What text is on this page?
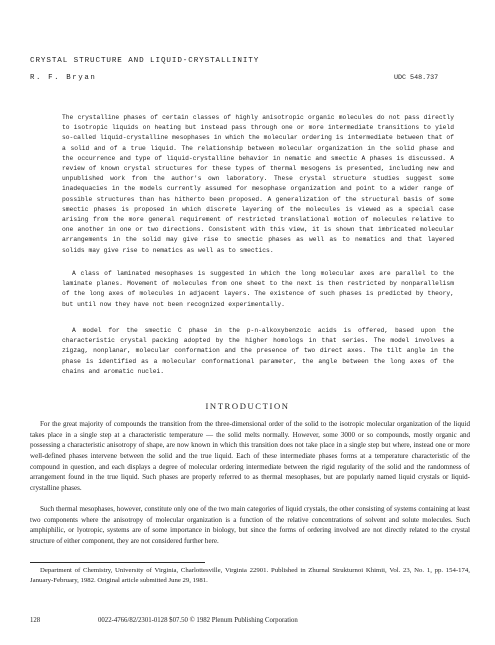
CRYSTAL STRUCTURE AND LIQUID-CRYSTALLINITY
R. F. Bryan	UDC 548.737

The crystalline phases of certain classes of highly anisotropic organic molecules do not pass directly to isotropic liquids on heating but instead pass through one or more intermediate transitions to yield so-called liquid-crystalline mesophases in which the molecular ordering is intermediate between that of a solid and of a true liquid. The relationship between molecular organization in the solid phase and the occurrence and type of liquid-crystalline behavior in nematic and smectic A phases is discussed. A review of known crystal structures for these types of thermal mesogens is presented, including new and unpublished work from the author's own laboratory. These crystal structure studies suggest some inadequacies in the models currently assumed for mesophase organization and point to a wider range of possible structures than has hitherto been proposed. A generalization of the structural basis of some smectic phases is proposed in which discrete layering of the molecules is viewed as a special case arising from the more general requirement of restricted translational motion of molecules relative to one another in one or two directions. Consistent with this view, it is shown that imbricated molecular arrangements in the solid may give rise to smectic phases as well as to nematics and that layered solids may give rise to nematics as well as to smectics.

A class of laminated mesophases is suggested in which the long molecular axes are parallel to the laminate planes. Movement of molecules from one sheet to the next is then restricted by nonparallelism of the long axes of molecules in adjacent layers. The existence of such phases is predicted by theory, but until now they have not been recognized experimentally.

A model for the smectic C phase in the p-n-alkoxybenzoic acids is offered, based upon the characteristic crystal packing adopted by the higher homologs in that series. The model involves a zigzag, nonplanar, molecular conformation and the presence of two direct axes. The tilt angle in the phase is identified as a molecular conformational parameter, the angle between the long axes of the chains and aromatic nuclei.

INTRODUCTION

For the great majority of compounds the transition from the three-dimensional order of the solid to the isotropic molecular organization of the liquid takes place in a single step at a characteristic temperature — the solid melts normally. However, some 3000 or so compounds, mostly organic and possessing a characteristic anisotropy of shape, are now known in which this transition does not take place in a single step but where, instead one or more well-defined phases intervene between the solid and the true liquid. Each of these intermediate phases forms at a temperature characteristic of the compound in question, and each displays a degree of molecular ordering intermediate between the rigid regularity of the solid and the randomness of arrangement found in the true liquid. Such phases are properly referred to as thermal mesophases, but are popularly named liquid crystals or liquid-crystalline phases.

Such thermal mesophases, however, constitute only one of the two main categories of liquid crystals, the other consisting of systems containing at least two components where the anisotropy of molecular organization is a function of the relative concentrations of solvent and solute molecules. Such amphiphilic, or lyotropic, systems are of some importance in biology, but since the forms of ordering involved are not directly related to the crystal structure of either component, they are not considered further here.

Department of Chemistry, University of Virginia, Charlottesville, Virginia 22901. Published in Zhurnal Strukturnoi Khimii, Vol. 23, No. 1, pp. 154-174, January-February, 1982. Original article submitted June 29, 1981.

128	0022-4766/82/2301-0128 $07.50 © 1982 Plenum Publishing Corporation
